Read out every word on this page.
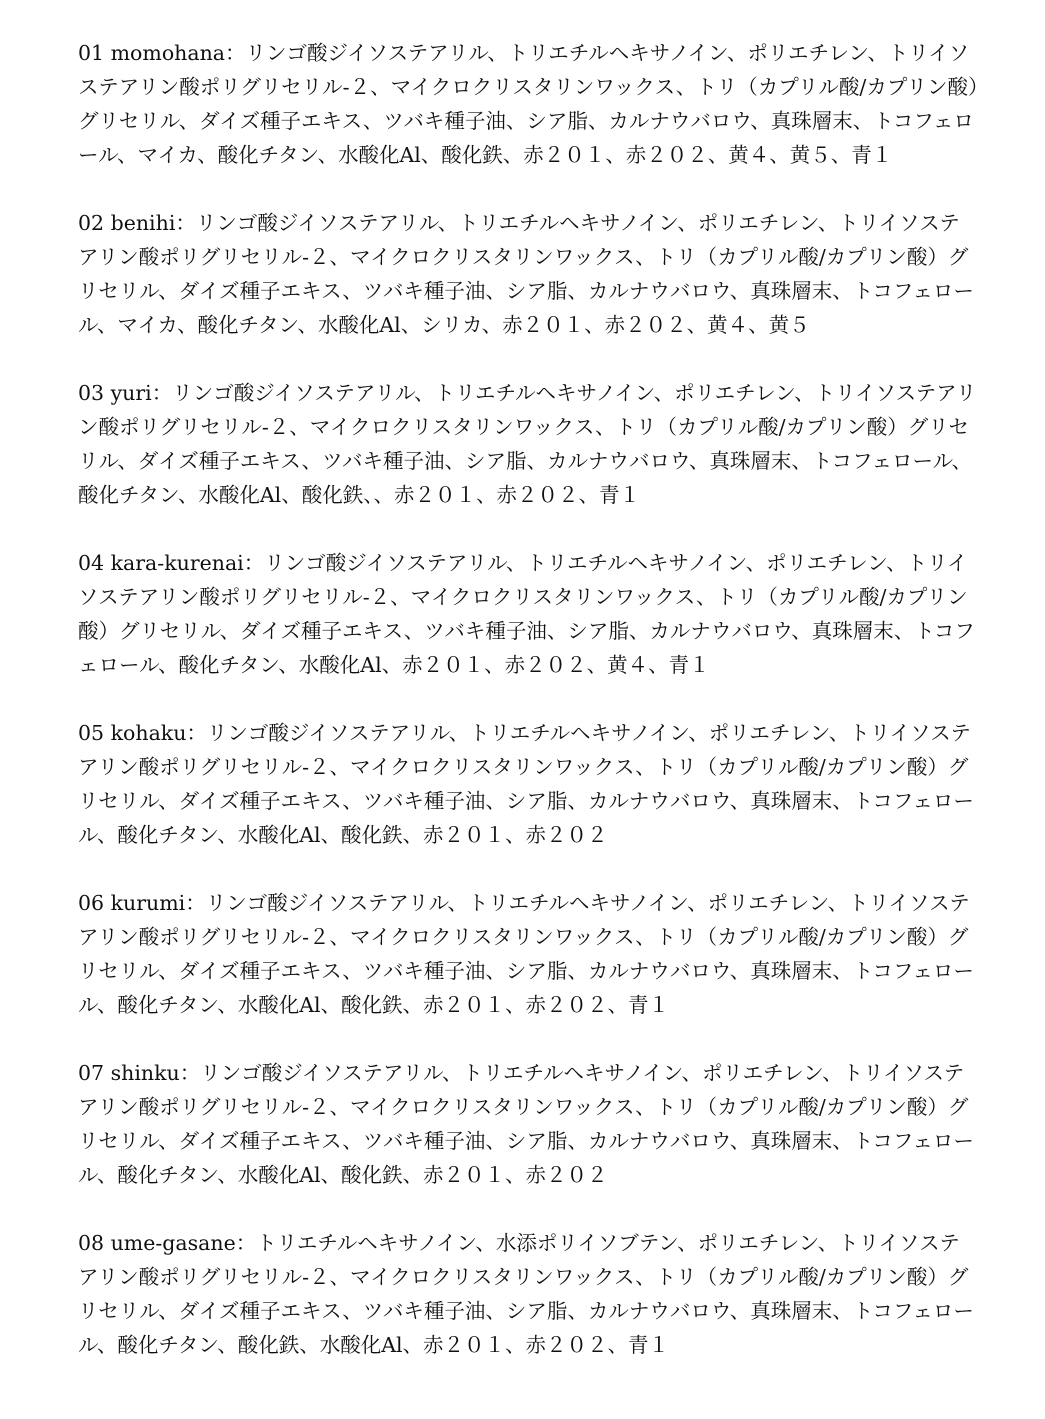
01 momohana：リンゴ酸ジイソステアリル、トリエチルヘキサノイン、ポリエチレン、トリイソステアリン酸ポリグリセリル-２、マイクロクリスタリンワックス、トリ（カプリル酸/カプリン酸）グリセリル、ダイズ種子エキス、ツバキ種子油、シア脂、カルナウバロウ、真珠層末、トコフェロール、マイカ、酸化チタン、水酸化Al、酸化鉄、赤２０１、赤２０２、黄４、黄５、青１

02 benihi：リンゴ酸ジイソステアリル、トリエチルヘキサノイン、ポリエチレン、トリイソステアリン酸ポリグリセリル-２、マイクロクリスタリンワックス、トリ（カプリル酸/カプリン酸）グリセリル、ダイズ種子エキス、ツバキ種子油、シア脂、カルナウバロウ、真珠層末、トコフェロール、マイカ、酸化チタン、水酸化Al、シリカ、赤２０１、赤２０２、黄４、黄５

03 yuri：リンゴ酸ジイソステアリル、トリエチルヘキサノイン、ポリエチレン、トリイソステアリン酸ポリグリセリル-２、マイクロクリスタリンワックス、トリ（カプリル酸/カプリン酸）グリセリル、ダイズ種子エキス、ツバキ種子油、シア脂、カルナウバロウ、真珠層末、トコフェロール、酸化チタン、水酸化Al、酸化鉄、、赤２０１、赤２０２、青１

04 kara-kurenai：リンゴ酸ジイソステアリル、トリエチルヘキサノイン、ポリエチレン、トリイソステアリン酸ポリグリセリル-２、マイクロクリスタリンワックス、トリ（カプリル酸/カプリン酸）グリセリル、ダイズ種子エキス、ツバキ種子油、シア脂、カルナウバロウ、真珠層末、トコフェロール、酸化チタン、水酸化Al、赤２０１、赤２０２、黄４、青１

05 kohaku：リンゴ酸ジイソステアリル、トリエチルヘキサノイン、ポリエチレン、トリイソステアリン酸ポリグリセリル-２、マイクロクリスタリンワックス、トリ（カプリル酸/カプリン酸）グリセリル、ダイズ種子エキス、ツバキ種子油、シア脂、カルナウバロウ、真珠層末、トコフェロール、酸化チタン、水酸化Al、酸化鉄、赤２０１、赤２０２

06 kurumi：リンゴ酸ジイソステアリル、トリエチルヘキサノイン、ポリエチレン、トリイソステアリン酸ポリグリセリル-２、マイクロクリスタリンワックス、トリ（カプリル酸/カプリン酸）グリセリル、ダイズ種子エキス、ツバキ種子油、シア脂、カルナウバロウ、真珠層末、トコフェロール、酸化チタン、水酸化Al、酸化鉄、赤２０１、赤２０２、青１

07 shinku：リンゴ酸ジイソステアリル、トリエチルヘキサノイン、ポリエチレン、トリイソステアリン酸ポリグリセリル-２、マイクロクリスタリンワックス、トリ（カプリル酸/カプリン酸）グリセリル、ダイズ種子エキス、ツバキ種子油、シア脂、カルナウバロウ、真珠層末、トコフェロール、酸化チタン、水酸化Al、酸化鉄、赤２０１、赤２０２

08 ume-gasane：トリエチルヘキサノイン、水添ポリイソブテン、ポリエチレン、トリイソステアリン酸ポリグリセリル-２、マイクロクリスタリンワックス、トリ（カプリル酸/カプリン酸）グリセリル、ダイズ種子エキス、ツバキ種子油、シア脂、カルナウバロウ、真珠層末、トコフェロール、酸化チタン、酸化鉄、水酸化Al、赤２０１、赤２０２、青１
